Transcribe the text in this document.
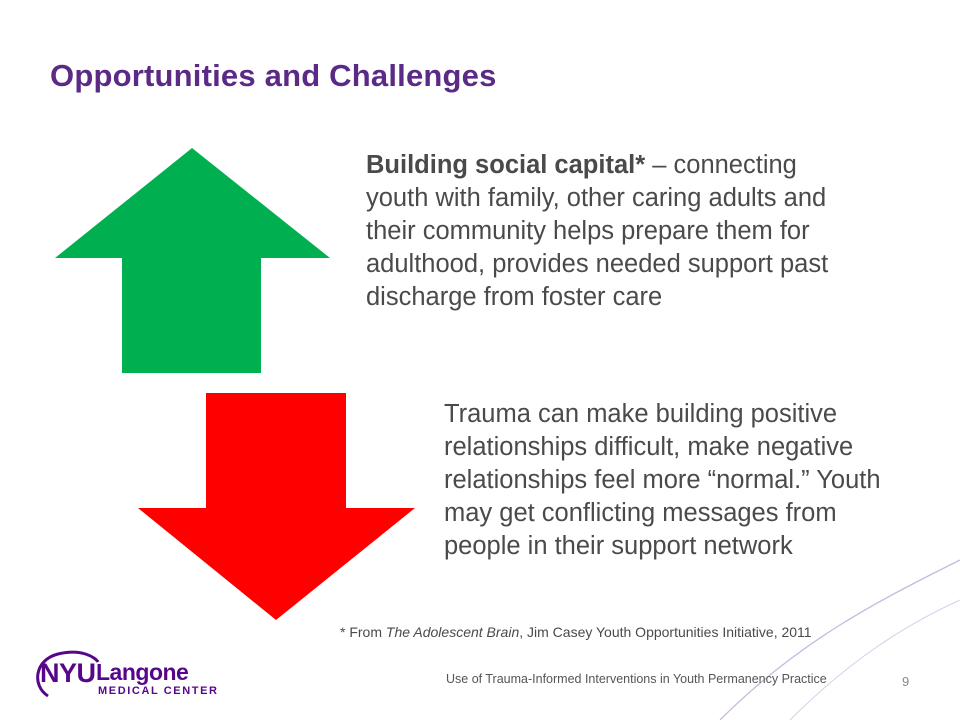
Opportunities and Challenges
Building social capital* – connecting youth with family, other caring adults and their community helps prepare them for adulthood, provides needed support past discharge from foster care
Trauma can make building positive relationships difficult, make negative relationships feel more “normal.” Youth may get conflicting messages from people in their support network
* From The Adolescent Brain, Jim Casey Youth Opportunities Initiative, 2011
NYU Langone
MEDICAL CENTER
Use of Trauma-Informed Interventions in Youth Permanency Practice	9
